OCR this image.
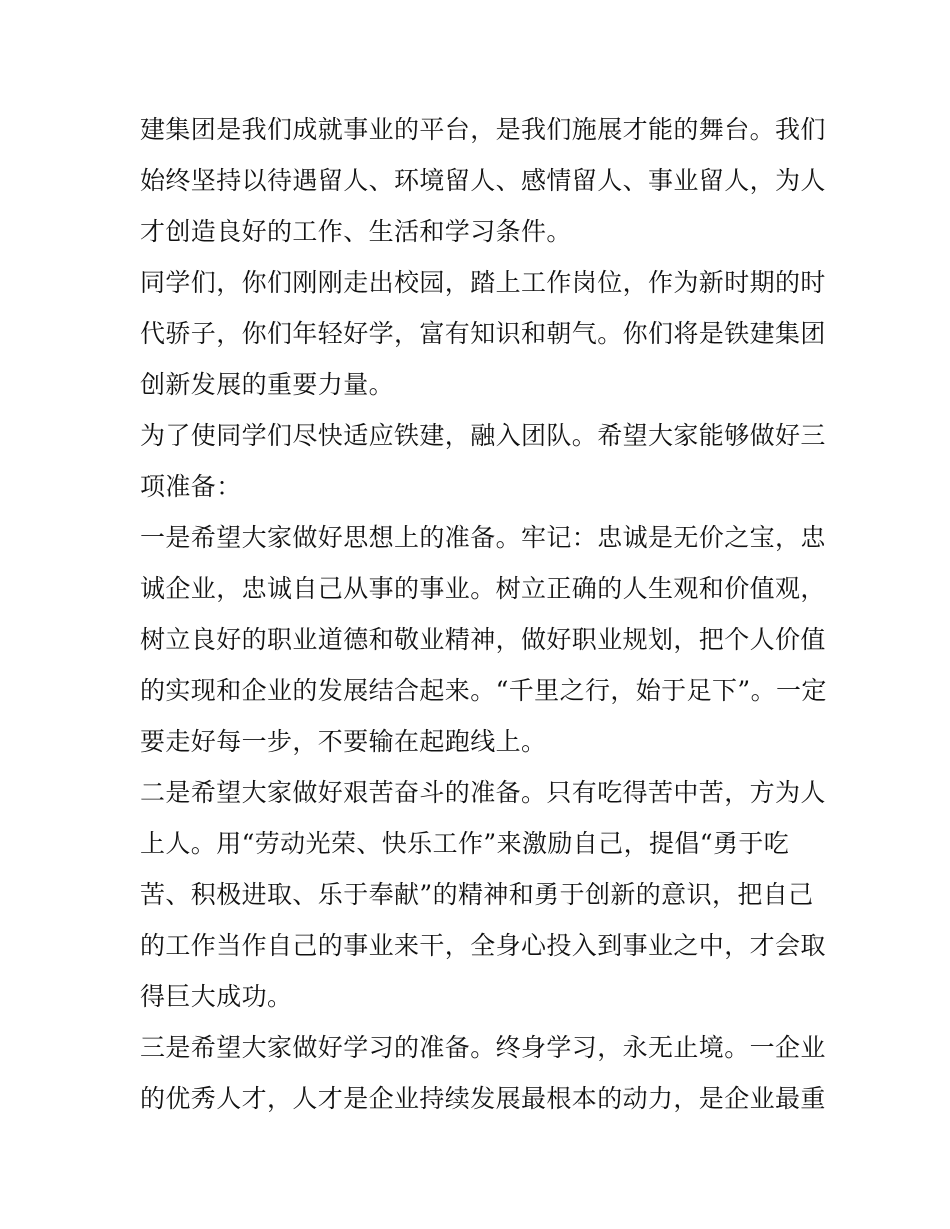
建集团是我们成就事业的平台，是我们施展才能的舞台。我们
始终坚持以待遇留人、环境留人、感情留人、事业留人，为人
才创造良好的工作、生活和学习条件。

同学们，你们刚刚走出校园，踏上工作岗位，作为新时期的时
代骄子，你们年轻好学，富有知识和朝气。你们将是铁建集团
创新发展的重要力量。

为了使同学们尽快适应铁建，融入团队。希望大家能够做好三
项准备：

一是希望大家做好思想上的准备。牢记：忠诚是无价之宝，忠
诚企业，忠诚自己从事的事业。树立正确的人生观和价值观，
树立良好的职业道德和敬业精神，做好职业规划，把个人价值
的实现和企业的发展结合起来。“千里之行，始于足下”。一定
要走好每一步，不要输在起跑线上。

二是希望大家做好艰苦奋斗的准备。只有吃得苦中苦，方为人
上人。用“劳动光荣、快乐工作”来激励自己，提倡“勇于吃
苦、积极进取、乐于奉献”的精神和勇于创新的意识，把自己
的工作当作自己的事业来干，全身心投入到事业之中，才会取
得巨大成功。

三是希望大家做好学习的准备。终身学习，永无止境。一企业
的优秀人才，人才是企业持续发展最根本的动力，是企业最重
